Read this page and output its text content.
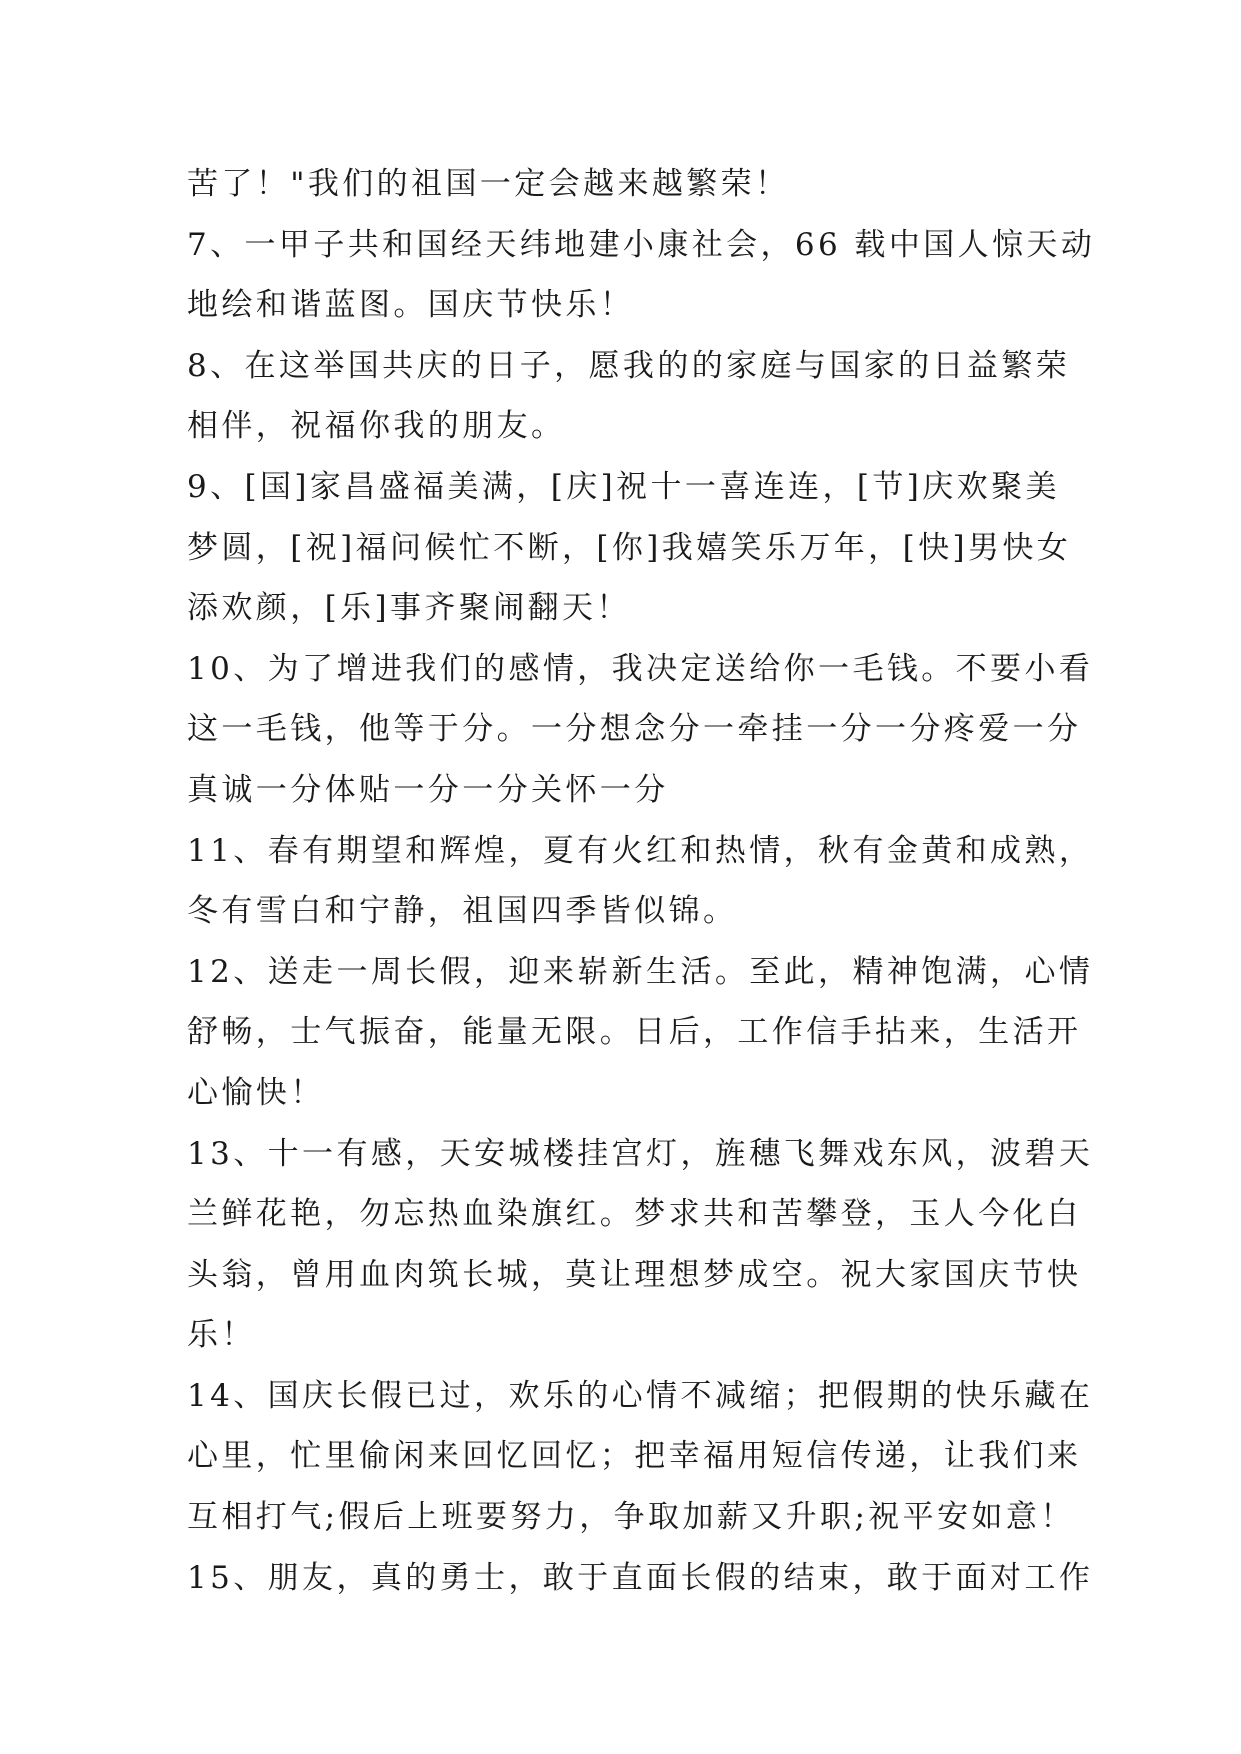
苦了！"我们的祖国一定会越来越繁荣！
7、一甲子共和国经天纬地建小康社会，66 载中国人惊天动
地绘和谐蓝图。国庆节快乐！
8、在这举国共庆的日子，愿我的的家庭与国家的日益繁荣
相伴，祝福你我的朋友。
9、[国]家昌盛福美满，[庆]祝十一喜连连，[节]庆欢聚美
梦圆，[祝]福问候忙不断，[你]我嬉笑乐万年，[快]男快女
添欢颜，[乐]事齐聚闹翻天！
10、为了增进我们的感情，我决定送给你一毛钱。不要小看
这一毛钱，他等于分。一分想念分一牵挂一分一分疼爱一分
真诚一分体贴一分一分关怀一分
11、春有期望和辉煌，夏有火红和热情，秋有金黄和成熟，
冬有雪白和宁静，祖国四季皆似锦。
12、送走一周长假，迎来崭新生活。至此，精神饱满，心情
舒畅，士气振奋，能量无限。日后，工作信手拈来，生活开
心愉快！
13、十一有感，天安城楼挂宫灯，旌穗飞舞戏东风，波碧天
兰鲜花艳，勿忘热血染旗红。梦求共和苦攀登，玉人今化白
头翁，曾用血肉筑长城，莫让理想梦成空。祝大家国庆节快
乐！
14、国庆长假已过，欢乐的心情不减缩；把假期的快乐藏在
心里，忙里偷闲来回忆回忆；把幸福用短信传递，让我们来
互相打气;假后上班要努力，争取加薪又升职;祝平安如意！
15、朋友，真的勇士，敢于直面长假的结束，敢于面对工作
